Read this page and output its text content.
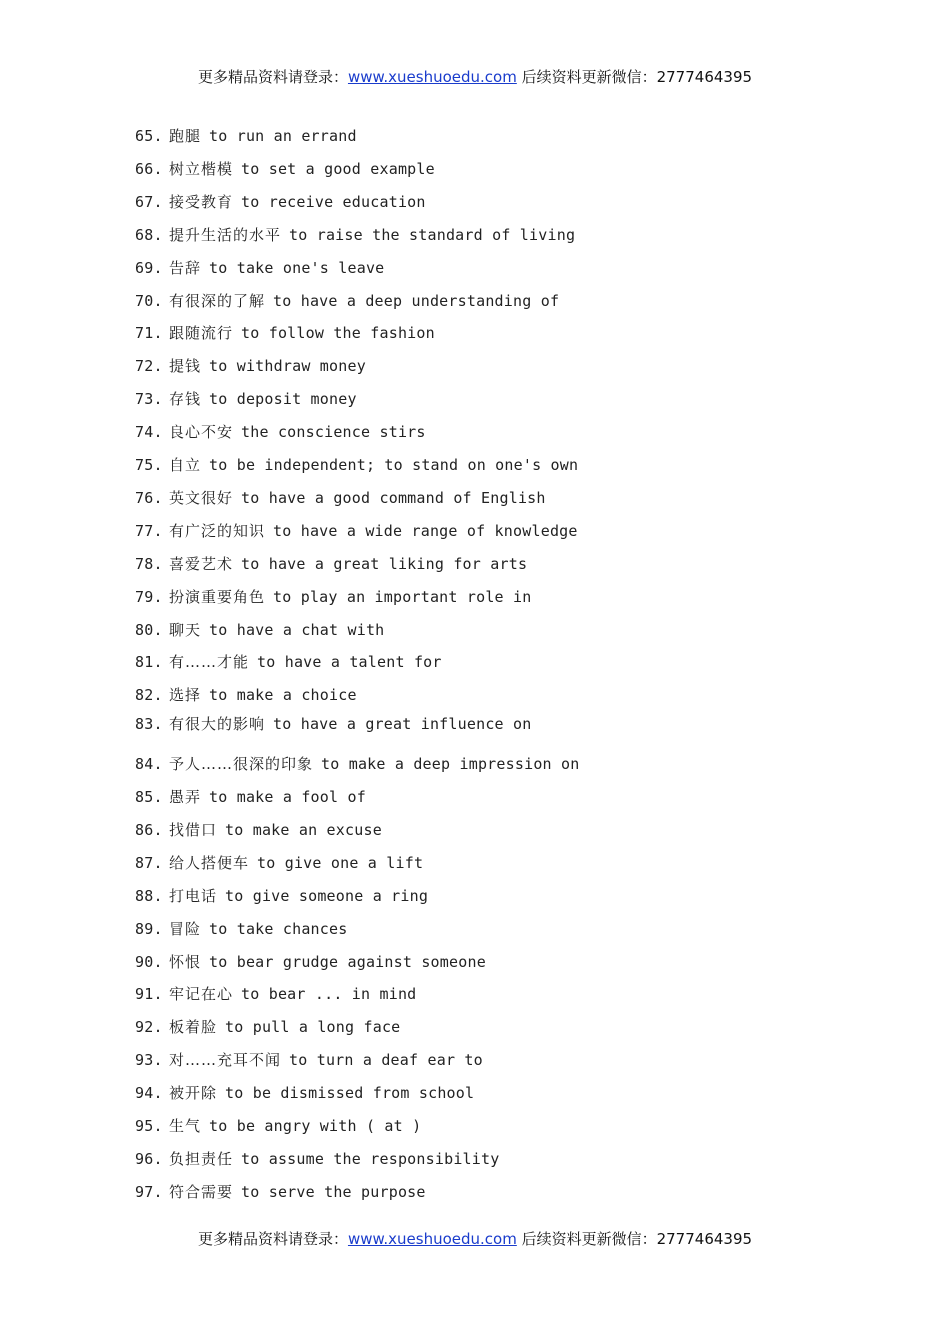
更多精品资料请登录：www.xueshuoedu.com 后续资料更新微信：2777464395
65. 跑腿 to run an errand
66. 树立楷模 to set a good example
67. 接受教育 to receive education
68. 提升生活的水平 to raise the standard of living
69. 告辞 to take one's leave
70. 有很深的了解 to have a deep understanding of
71. 跟随流行 to follow the fashion
72. 提钱 to withdraw money
73. 存钱 to deposit money
74. 良心不安 the conscience stirs
75. 自立 to be independent; to stand on one's own
76. 英文很好 to have a good command of English
77. 有广泛的知识 to have a wide range of knowledge
78. 喜爱艺术 to have a great liking for arts
79. 扮演重要角色 to play an important role in
80. 聊天 to have a chat with
81. 有……才能 to have a talent for
82. 选择 to make a choice
83. 有很大的影响 to have a great influence on
84. 予人……很深的印象 to make a deep impression on
85. 愚弄 to make a fool of
86. 找借口 to make an excuse
87. 给人搭便车 to give one a lift
88. 打电话 to give someone a ring
89. 冒险 to take chances
90. 怀恨 to bear grudge against someone
91. 牢记在心 to bear ... in mind
92. 板着脸 to pull a long face
93. 对……充耳不闻 to turn a deaf ear to
94. 被开除 to be dismissed from school
95. 生气 to be angry with ( at )
96. 负担责任 to assume the responsibility
97. 符合需要 to serve the purpose
更多精品资料请登录：www.xueshuoedu.com 后续资料更新微信：2777464395
